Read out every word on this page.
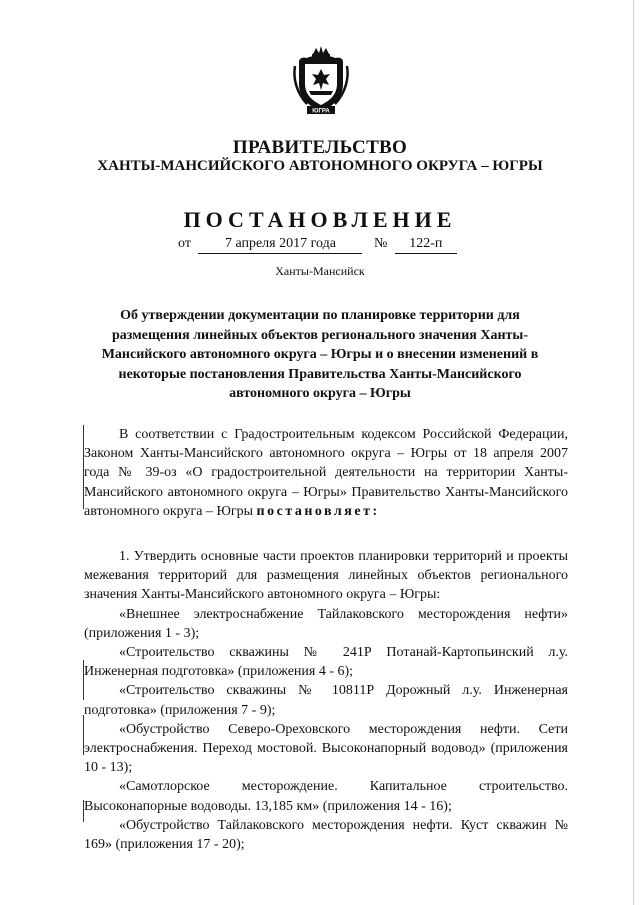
ЮГРА
ПРАВИТЕЛЬСТВО
ХАНТЫ-МАНСИЙСКОГО АВТОНОМНОГО ОКРУГА – ЮГРЫ
ПОСТАНОВЛЕНИЕ
от 7 апреля 2017 года	№ 122-п
Ханты-Мансийск
Об утверждении документации по планировке территории для размещения линейных объектов регионального значения Ханты-Мансийского автономного округа – Югры и о внесении изменений в некоторые постановления Правительства Ханты-Мансийского автономного округа – Югры
В соответствии с Градостроительным кодексом Российской Федерации, Законом Ханты-Мансийского автономного округа – Югры от 18 апреля 2007 года № 39-оз «О градостроительной деятельности на территории Ханты-Мансийского автономного округа – Югры» Правительство Ханты-Мансийского автономного округа – Югры постановляет:

1. Утвердить основные части проектов планировки территорий и проекты межевания территорий для размещения линейных объектов регионального значения Ханты-Мансийского автономного округа – Югры:

«Внешнее электроснабжение Тайлаковского месторождения нефти» (приложения 1 - 3);

«Строительство скважины № 241Р Потанай-Картопьинский л.у. Инженерная подготовка» (приложения 4 - 6);

«Строительство скважины № 10811Р Дорожный л.у. Инженерная подготовка» (приложения 7 - 9);

«Обустройство Северо-Ореховского месторождения нефти. Сети электроснабжения. Переход мостовой. Высоконапорный водовод» (приложения 10 - 13);

«Самотлорское месторождение. Капитальное строительство. Высоконапорные водоводы. 13,185 км» (приложения 14 - 16);

«Обустройство Тайлаковского месторождения нефти. Куст скважин № 169» (приложения 17 - 20);
